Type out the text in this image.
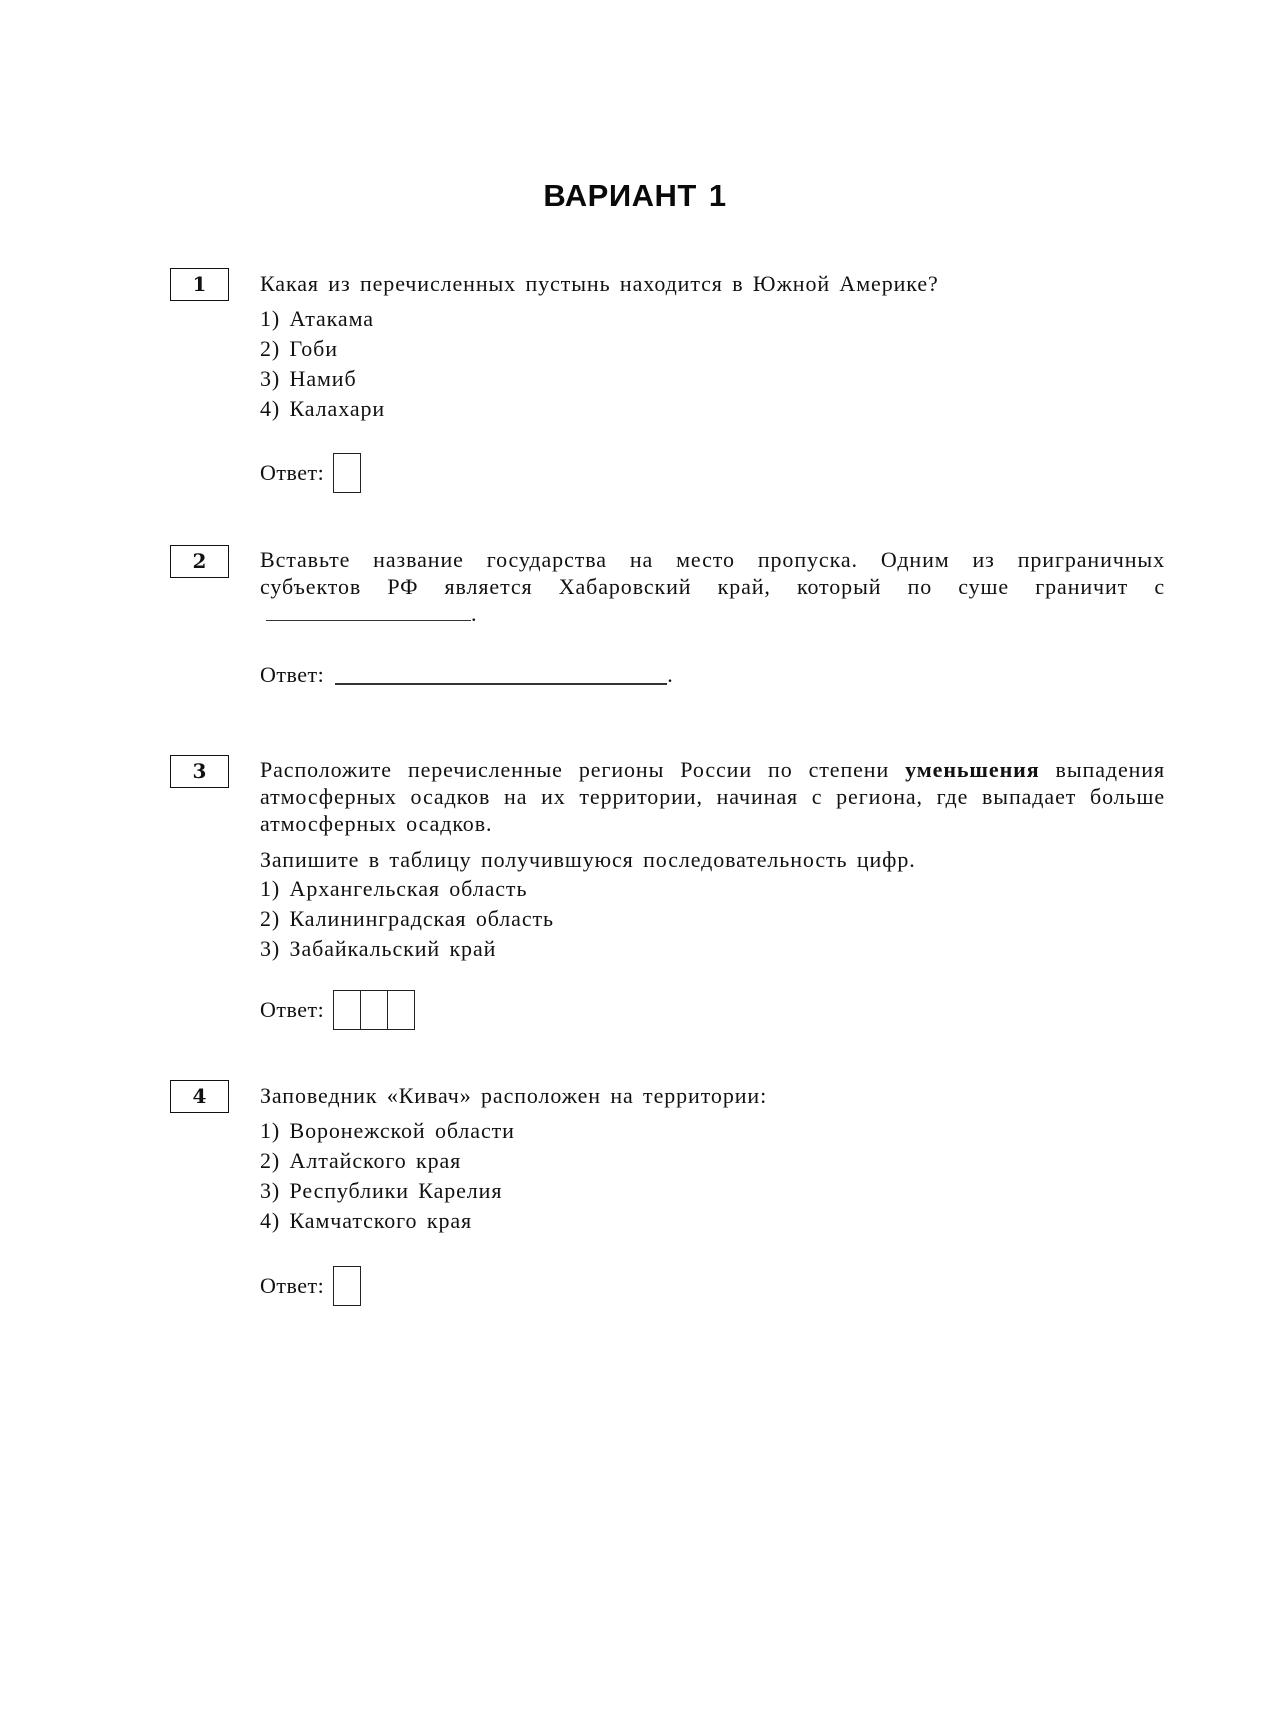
ВАРИАНТ 1
1	Какая из перечисленных пустынь находится в Южной Америке?

1) Атакама
2) Гоби
3) Намиб
4) Калахари
Ответ:
2	Вставьте название государства на место пропуска. Одним из приграничных субъектов РФ является Хабаровский край, который по суше граничит с.

Ответ:	.
3	Расположите перечисленные регионы России по степени уменьшения выпадения атмосферных осадков на их территории, начиная с региона, где выпадает больше атмосферных осадков.

Запишите в таблицу получившуюся последовательность цифр.
1) Архангельская область
2) Калининградская область
3) Забайкальский край
Ответ:
4	Заповедник «Кивач» расположен на территории:

1) Воронежской области
2) Алтайского края
3) Республики Карелия
4) Камчатского края
Ответ:
